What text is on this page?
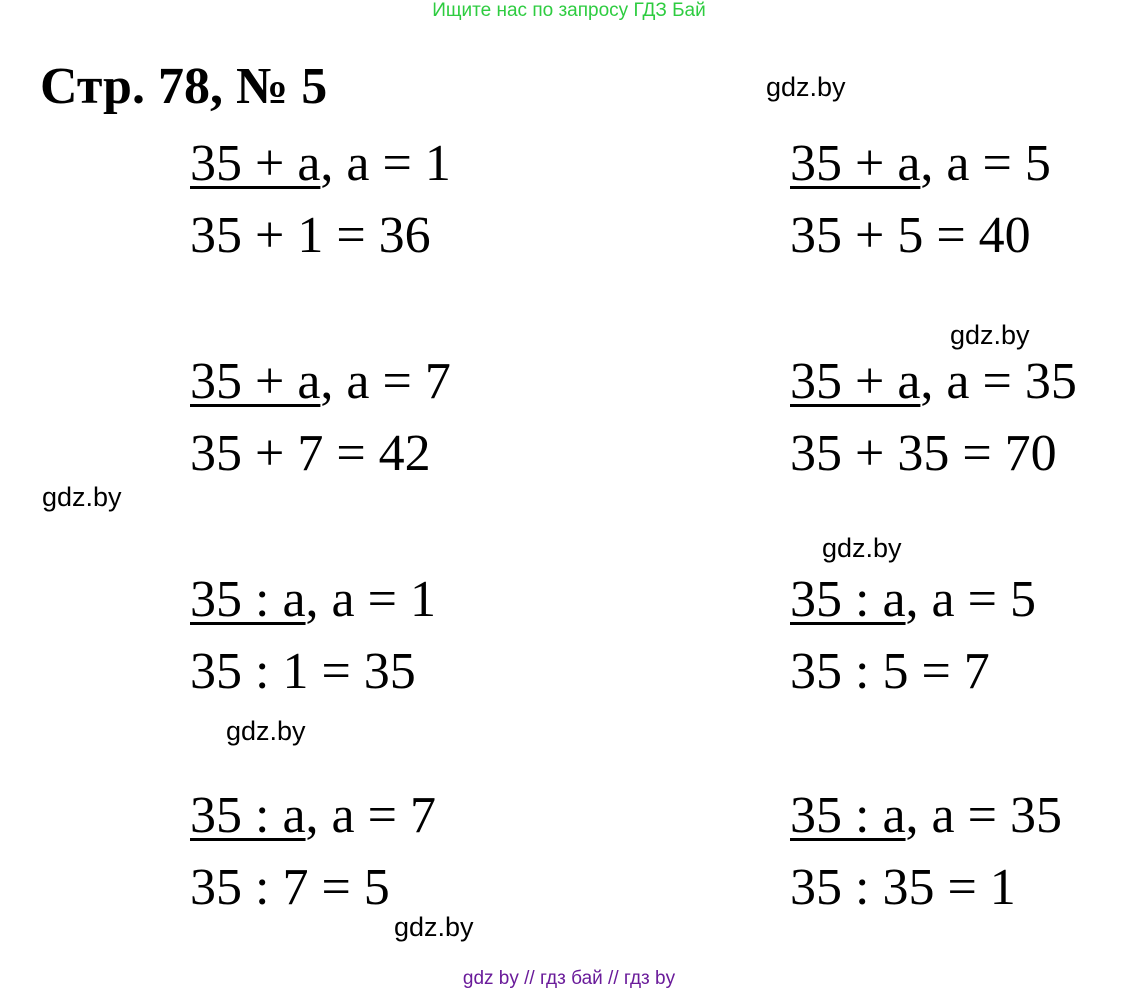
Ищите нас по запросу ГДЗ Бай
Стр. 78, № 5	gdz.by
gdz.by
gdz.by
gdz.by
gdz.by
gdz.by
35 + a, a = 1
35 + 1 = 36
35 + a, a = 5
35 + 5 = 40
35 + a, a = 7
35 + 7 = 42
35 + a, a = 35
35 + 35 = 70
35 : a, a = 1
35 : 1 = 35
35 : a, a = 5
35 : 5 = 7
35 : a, a = 7
35 : 7 = 5
35 : a, a = 35
35 : 35 = 1
gdz by // гдз бай // гдз by
